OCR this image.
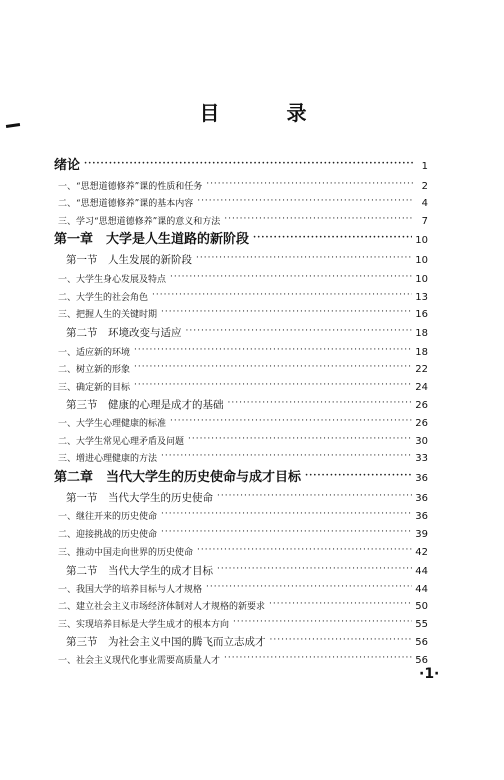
目 录
绪论 ·····	1
一、“思想道德修养”课的性质和任务 ·····	2
二、“思想道德修养”课的基本内容 ·····	4
三、学习“思想道德修养”课的意义和方法 ·····	7
第一章　大学是人生道路的新阶段 ·····	10
第一节　人生发展的新阶段 ·····	10
一、大学生身心发展及特点 ·····	10
二、大学生的社会角色 ·····	13
三、把握人生的关键时期 ·····	16
第二节　环境改变与适应 ·····	18
一、适应新的环境 ·····	18
二、树立新的形象 ·····	22
三、确定新的目标 ·····	24
第三节　健康的心理是成才的基础 ·····	26
一、大学生心理健康的标准 ·····	26
二、大学生常见心理矛盾及问题 ·····	30
三、增进心理健康的方法 ·····	33
第二章　当代大学生的历史使命与成才目标 ·····	36
第一节　当代大学生的历史使命 ·····	36
一、继往开来的历史使命 ·····	36
二、迎接挑战的历史使命 ·····	39
三、推动中国走向世界的历史使命 ·····	42
第二节　当代大学生的成才目标 ·····	44
一、我国大学的培养目标与人才规格 ·····	44
二、建立社会主义市场经济体制对人才规格的新要求 ·····	50
三、实现培养目标是大学生成才的根本方向 ·····	55
第三节　为社会主义中国的腾飞而立志成才 ·····	56
一、社会主义现代化事业需要高质量人才 ·····	56
·1·
